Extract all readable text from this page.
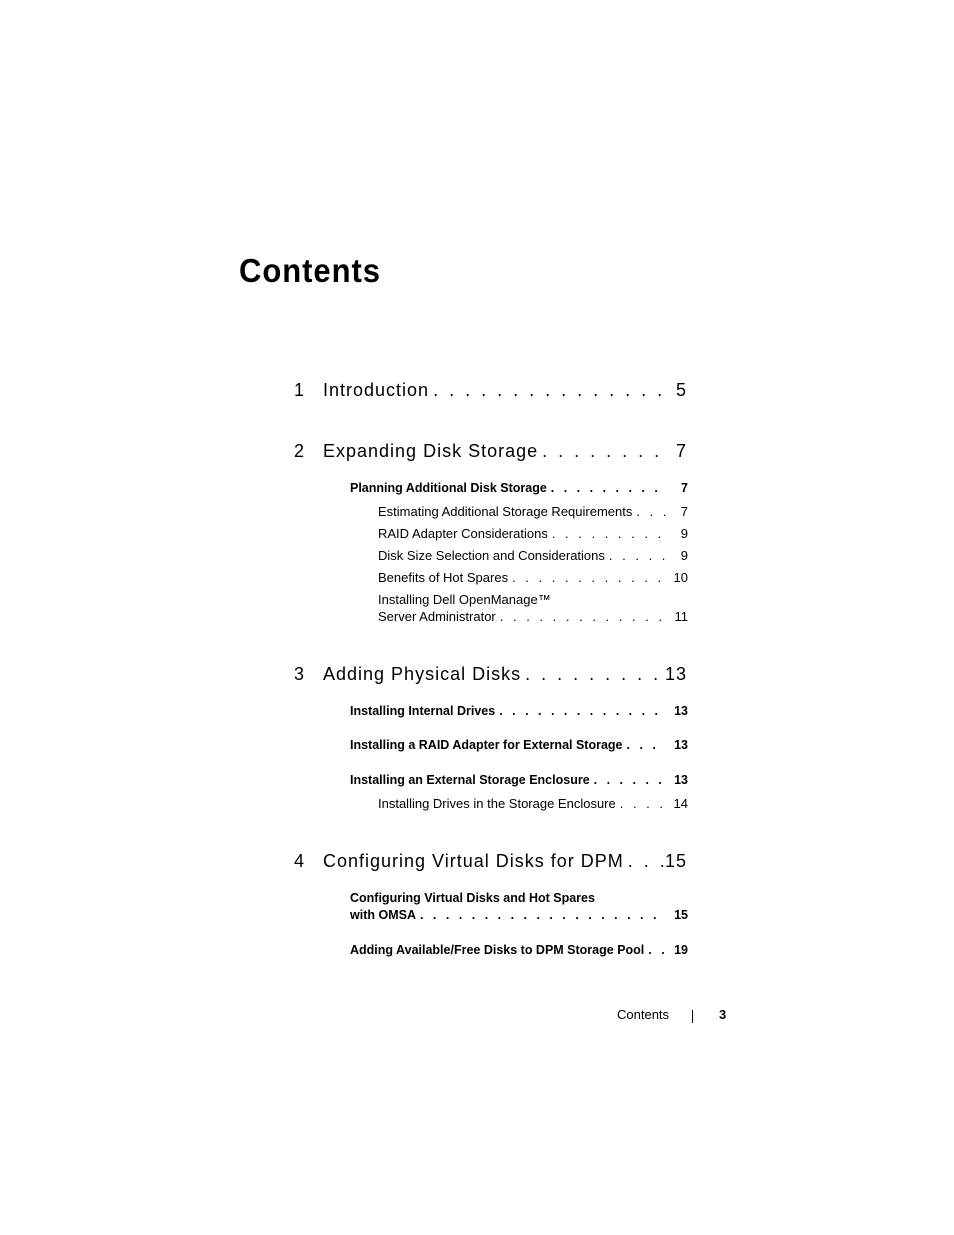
Contents
1 Introduction . . .	5
2 Expanding Disk Storage . . .	7
Planning Additional Disk Storage . . .	7
Estimating Additional Storage Requirements . . .	7
RAID Adapter Considerations . . .	9
Disk Size Selection and Considerations . . .	9
Benefits of Hot Spares . . .	10
Installing Dell OpenManage™
Server Administrator . . .	11
3 Adding Physical Disks . . .	13
Installing Internal Drives . . .	13
Installing a RAID Adapter for External Storage . . .	13
Installing an External Storage Enclosure . . .	13
Installing Drives in the Storage Enclosure . . .	14
4 Configuring Virtual Disks for DPM . . . 15
Configuring Virtual Disks and Hot Spares
with OMSA . . .	15
Adding Available/Free Disks to DPM Storage Pool . . .	19
Contents	3
